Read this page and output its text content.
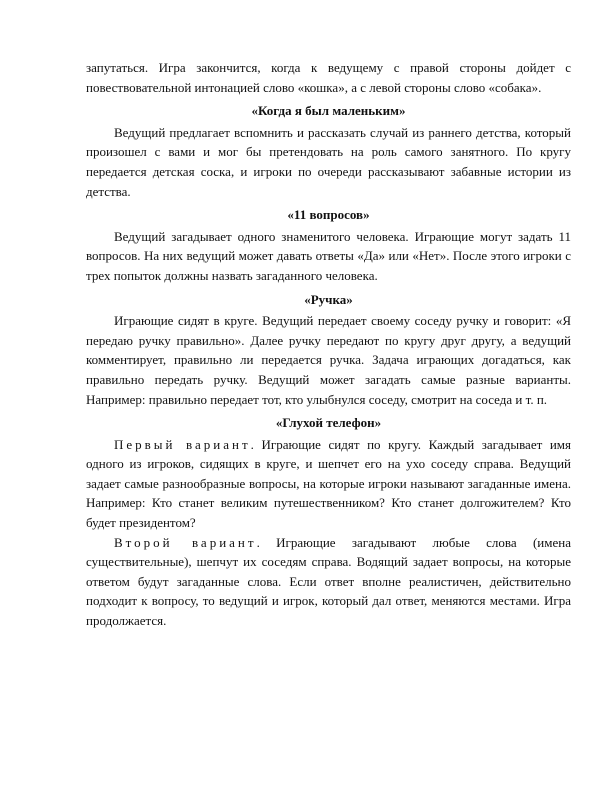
запутаться. Игра закончится, когда к ведущему с правой стороны дойдет с повествовательной интонацией слово «кошка», а с левой стороны слово «собака».

«Когда я был маленьким»

Ведущий предлагает вспомнить и рассказать случай из раннего детства, который произошел с вами и мог бы претендовать на роль самого занятного. По кругу передается детская соска, и игроки по очереди рассказывают забавные истории из детства.

«11 вопросов»

Ведущий загадывает одного знаменитого человека. Играющие могут задать 11 вопросов. На них ведущий может давать ответы «Да» или «Нет». После этого игроки с трех попыток должны назвать загаданного человека.

«Ручка»

Играющие сидят в круге. Ведущий передает своему соседу ручку и говорит: «Я передаю ручку правильно». Далее ручку передают по кругу друг другу, а ведущий комментирует, правильно ли передается ручка. Задача играющих догадаться, как правильно передать ручку. Ведущий может загадать самые разные варианты. Например: правильно передает тот, кто улыбнулся соседу, смотрит на соседа и т. п.

«Глухой телефон»

Первый вариант. Играющие сидят по кругу. Каждый загадывает имя одного из игроков, сидящих в круге, и шепчет его на ухо соседу справа. Ведущий задает самые разнообразные вопросы, на которые игроки называют загаданные имена. Например: Кто станет великим путешественником? Кто станет долгожителем? Кто будет президентом?

Второй вариант. Играющие загадывают любые слова (имена существительные), шепчут их соседям справа. Водящий задает вопросы, на которые ответом будут загаданные слова. Если ответ вполне реалистичен, действительно подходит к вопросу, то ведущий и игрок, который дал ответ, меняются местами. Игра продолжается.
